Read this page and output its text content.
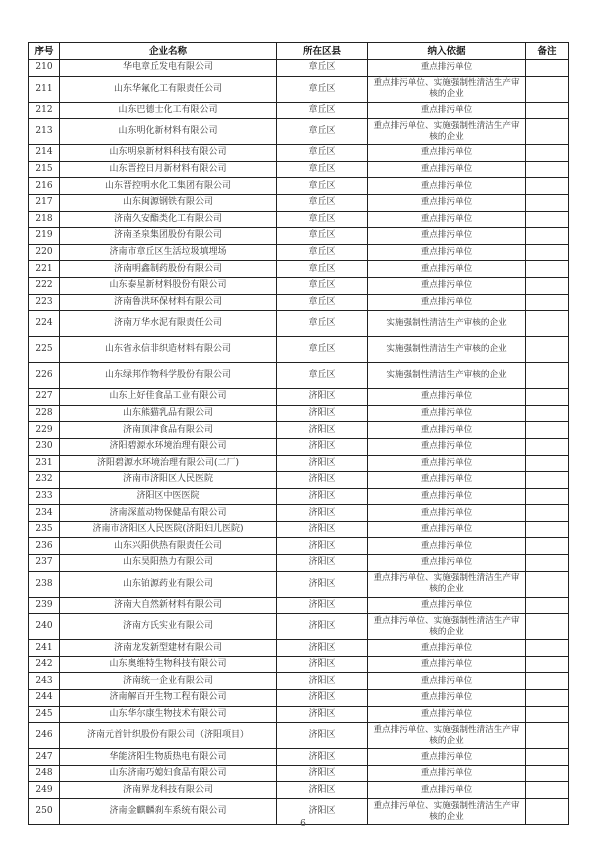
序号	企业名称	所在区县	纳入依据	备注
210	华电章丘发电有限公司	章丘区	重点排污单位	
211	山东华氟化工有限责任公司	章丘区	重点排污单位、实施强制性清洁生产审核的企业	
212	山东巴德士化工有限公司	章丘区	重点排污单位	
213	山东明化新材料有限公司	章丘区	重点排污单位、实施强制性清洁生产审核的企业	
214	山东明泉新材料科技有限公司	章丘区	重点排污单位	
215	山东晋控日月新材料有限公司	章丘区	重点排污单位	
216	山东晋控明水化工集团有限公司	章丘区	重点排污单位	
217	山东闽源钢铁有限公司	章丘区	重点排污单位	
218	济南久安酯类化工有限公司	章丘区	重点排污单位	
219	济南圣泉集团股份有限公司	章丘区	重点排污单位	
220	济南市章丘区生活垃圾填埋场	章丘区	重点排污单位	
221	济南明鑫制药股份有限公司	章丘区	重点排污单位	
222	山东泰星新材料股份有限公司	章丘区	重点排污单位	
223	济南鲁洪环保材料有限公司	章丘区	重点排污单位	
224	济南万华水泥有限责任公司	章丘区	实施强制性清洁生产审核的企业	
225	山东省永信非织造材料有限公司	章丘区	实施强制性清洁生产审核的企业	
226	山东绿邦作物科学股份有限公司	章丘区	实施强制性清洁生产审核的企业	
227	山东上好佳食品工业有限公司	济阳区	重点排污单位	
228	山东熊猫乳品有限公司	济阳区	重点排污单位	
229	济南顶津食品有限公司	济阳区	重点排污单位	
230	济阳碧源水环境治理有限公司	济阳区	重点排污单位	
231	济阳碧源水环境治理有限公司(二厂)	济阳区	重点排污单位	
232	济南市济阳区人民医院	济阳区	重点排污单位	
233	济阳区中医医院	济阳区	重点排污单位	
234	济南深蓝动物保健品有限公司	济阳区	重点排污单位	
235	济南市济阳区人民医院(济阳妇儿医院)	济阳区	重点排污单位	
236	山东兴阳供热有限责任公司	济阳区	重点排污单位	
237	山东昊阳热力有限公司	济阳区	重点排污单位	
238	山东铂源药业有限公司	济阳区	重点排污单位、实施强制性清洁生产审核的企业	
239	济南大自然新材料有限公司	济阳区	重点排污单位	
240	济南方氏实业有限公司	济阳区	重点排污单位、实施强制性清洁生产审核的企业	
241	济南龙发新型建材有限公司	济阳区	重点排污单位	
242	山东奥维特生物科技有限公司	济阳区	重点排污单位	
243	济南统一企业有限公司	济阳区	重点排污单位	
244	济南解百开生物工程有限公司	济阳区	重点排污单位	
245	山东华尔康生物技术有限公司	济阳区	重点排污单位	
246	济南元首针织股份有限公司（济阳项目）	济阳区	重点排污单位、实施强制性清洁生产审核的企业	
247	华能济阳生物质热电有限公司	济阳区	重点排污单位	
248	山东济南巧媳妇食品有限公司	济阳区	重点排污单位	
249	济南界龙科技有限公司	济阳区	重点排污单位	
250	济南金麒麟刹车系统有限公司	济阳区	重点排污单位、实施强制性清洁生产审核的企业	
6
